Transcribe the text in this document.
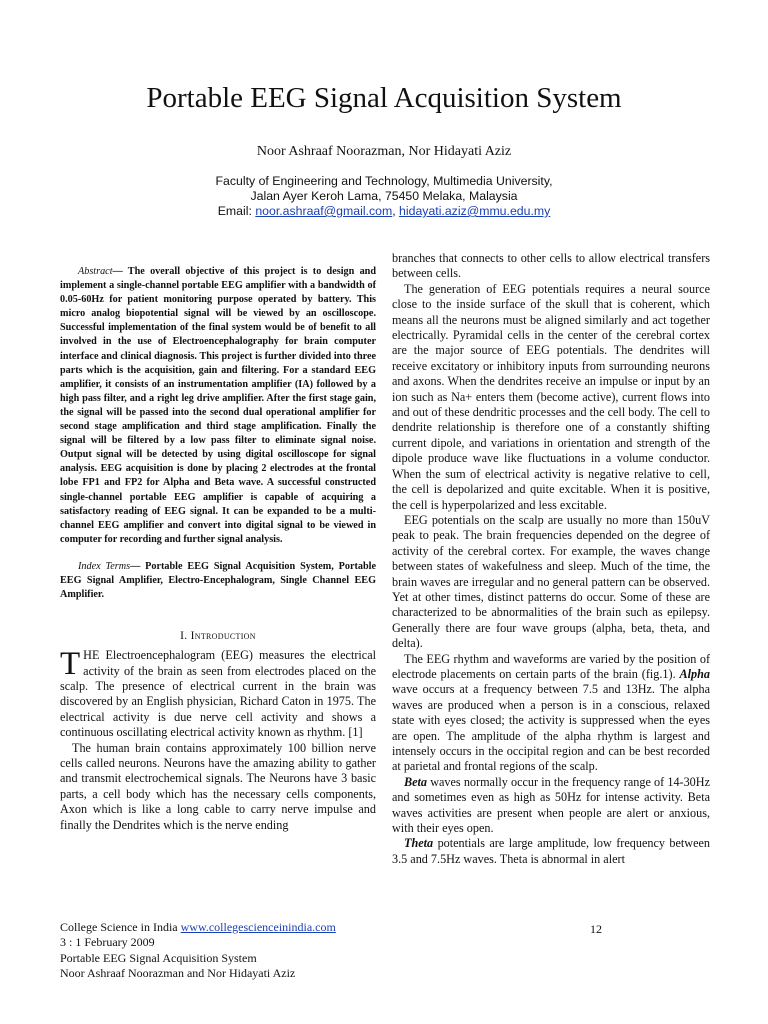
Portable EEG Signal Acquisition System
Noor Ashraaf Noorazman, Nor Hidayati Aziz
Faculty of Engineering and Technology, Multimedia University,
Jalan Ayer Keroh Lama, 75450 Melaka, Malaysia
Email: noor.ashraaf@gmail.com, hidayati.aziz@mmu.edu.my

Abstract— The overall objective of this project is to design and implement a single-channel portable EEG amplifier with a bandwidth of 0.05-60Hz for patient monitoring purpose operated by battery. This micro analog biopotential signal will be viewed by an oscilloscope. Successful implementation of the final system would be of benefit to all involved in the use of Electroencephalography for brain computer interface and clinical diagnosis. This project is further divided into three parts which is the acquisition, gain and filtering. For a standard EEG amplifier, it consists of an instrumentation amplifier (IA) followed by a high pass filter, and a right leg drive amplifier. After the first stage gain, the signal will be passed into the second dual operational amplifier for second stage amplification and third stage amplification. Finally the signal will be filtered by a low pass filter to eliminate signal noise. Output signal will be detected by using digital oscilloscope for signal analysis. EEG acquisition is done by placing 2 electrodes at the frontal lobe FP1 and FP2 for Alpha and Beta wave. A successful constructed single-channel portable EEG amplifier is capable of acquiring a satisfactory reading of EEG signal. It can be expanded to be a multi-channel EEG amplifier and convert into digital signal to be viewed in computer for recording and further signal analysis.

Index Terms— Portable EEG Signal Acquisition System, Portable EEG Signal Amplifier, Electro-Encephalogram, Single Channel EEG Amplifier.

I. Introduction

THE Electroencephalogram (EEG) measures the electrical activity of the brain as seen from electrodes placed on the scalp. The presence of electrical current in the brain was discovered by an English physician, Richard Caton in 1975. The electrical activity is due nerve cell activity and shows a continuous oscillating electrical activity known as rhythm. [1]

The human brain contains approximately 100 billion nerve cells called neurons. Neurons have the amazing ability to gather and transmit electrochemical signals. The Neurons have 3 basic parts, a cell body which has the necessary cells components, Axon which is like a long cable to carry nerve impulse and finally the Dendrites which is the nerve ending

branches that connects to other cells to allow electrical transfers between cells.

The generation of EEG potentials requires a neural source close to the inside surface of the skull that is coherent, which means all the neurons must be aligned similarly and act together electrically. Pyramidal cells in the center of the cerebral cortex are the major source of EEG potentials. The dendrites will receive excitatory or inhibitory inputs from surrounding neurons and axons. When the dendrites receive an impulse or input by an ion such as Na+ enters them (become active), current flows into and out of these dendritic processes and the cell body. The cell to dendrite relationship is therefore one of a constantly shifting current dipole, and variations in orientation and strength of the dipole produce wave like fluctuations in a volume conductor. When the sum of electrical activity is negative relative to cell, the cell is depolarized and quite excitable. When it is positive, the cell is hyperpolarized and less excitable.

EEG potentials on the scalp are usually no more than 150uV peak to peak. The brain frequencies depended on the degree of activity of the cerebral cortex. For example, the waves change between states of wakefulness and sleep. Much of the time, the brain waves are irregular and no general pattern can be observed. Yet at other times, distinct patterns do occur. Some of these are characterized to be abnormalities of the brain such as epilepsy. Generally there are four wave groups (alpha, beta, theta, and delta).

The EEG rhythm and waveforms are varied by the position of electrode placements on certain parts of the brain (fig.1). Alpha wave occurs at a frequency between 7.5 and 13Hz. The alpha waves are produced when a person is in a conscious, relaxed state with eyes closed; the activity is suppressed when the eyes are open. The amplitude of the alpha rhythm is largest and intensely occurs in the occipital region and can be best recorded at parietal and frontal regions of the scalp.

Beta waves normally occur in the frequency range of 14-30Hz and sometimes even as high as 50Hz for intense activity. Beta waves activities are present when people are alert or anxious, with their eyes open.

Theta potentials are large amplitude, low frequency between 3.5 and 7.5Hz waves. Theta is abnormal in alert

College Science in India www.collegescienceinindia.com
3 : 1 February 2009
Portable EEG Signal Acquisition System
Noor Ashraaf Noorazman and Nor Hidayati Aziz
12
